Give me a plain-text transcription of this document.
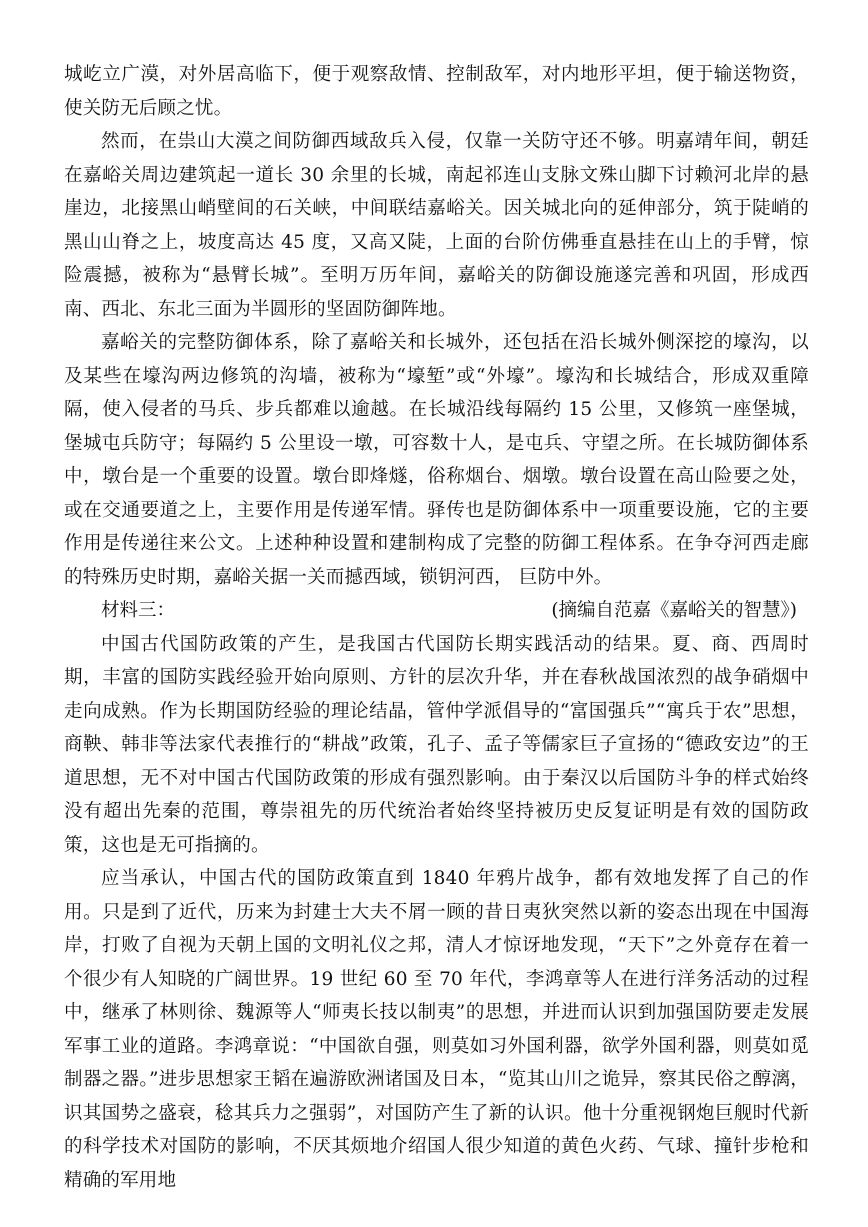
城屹立广漠，对外居高临下，便于观察敌情、控制敌军，对内地形平坦，便于输送物资，使关防无后顾之忧。

然而，在祟山大漠之间防御西域敌兵入侵，仅靠一关防守还不够。明嘉靖年间，朝廷在嘉峪关周边建筑起一道长 30 余里的长城，南起祁连山支脉文殊山脚下讨赖河北岸的悬崖边，北接黑山峭壁间的石关峡，中间联结嘉峪关。因关城北向的延伸部分，筑于陡峭的黑山山脊之上，坡度高达 45 度，又高又陡，上面的台阶仿佛垂直悬挂在山上的手臂，惊险震撼，被称为“悬臂长城”。至明万历年间，嘉峪关的防御设施遂完善和巩固，形成西南、西北、东北三面为半圆形的坚固防御阵地。

嘉峪关的完整防御体系，除了嘉峪关和长城外，还包括在沿长城外侧深挖的壕沟，以及某些在壕沟两边修筑的沟墙，被称为“壕堑”或“外壕”。壕沟和长城结合，形成双重障隔，使入侵者的马兵、步兵都难以逾越。在长城沿线每隔约 15 公里，又修筑一座堡城，堡城屯兵防守；每隔约 5 公里设一墩，可容数十人，是屯兵、守望之所。在长城防御体系中，墩台是一个重要的设置。墩台即烽燧，俗称烟台、烟墩。墩台设置在高山险要之处，或在交通要道之上，主要作用是传递军情。驿传也是防御体系中一项重要设施，它的主要作用是传递往来公文。上述种种设置和建制构成了完整的防御工程体系。在争夺河西走廊的特殊历史时期，嘉峪关据一关而撼西域，锁钥河西， 巨防中外。

材料三：	(摘编自范嘉《嘉峪关的智慧》)

中国古代国防政策的产生，是我国古代国防长期实践活动的结果。夏、商、西周时期，丰富的国防实践经验开始向原则、方针的层次升华，并在春秋战国浓烈的战争硝烟中走向成熟。作为长期国防经验的理论结晶，管仲学派倡导的“富国强兵”“寓兵于农”思想，商鞅、韩非等法家代表推行的“耕战”政策，孔子、孟子等儒家巨子宣扬的“德政安边”的王道思想，无不对中国古代国防政策的形成有强烈影响。由于秦汉以后国防斗争的样式始终没有超出先秦的范围，尊崇祖先的历代统治者始终坚持被历史反复证明是有效的国防政策，这也是无可指摘的。

应当承认，中国古代的国防政策直到 1840 年鸦片战争，都有效地发挥了自己的作用。只是到了近代，历来为封建士大夫不屑一顾的昔日夷狄突然以新的姿态出现在中国海岸，打败了自视为天朝上国的文明礼仪之邦，清人才惊讶地发现，“天下”之外竟存在着一个很少有人知晓的广阔世界。19 世纪 60 至 70 年代，李鸿章等人在进行洋务活动的过程中，继承了林则徐、魏源等人“师夷长技以制夷”的思想，并进而认识到加强国防要走发展军事工业的道路。李鸿章说：“中国欲自强，则莫如习外国利器，欲学外国利器，则莫如觅制器之器。”进步思想家王韬在遍游欧洲诸国及日本，“览其山川之诡异，察其民俗之醇漓，识其国势之盛衰，稔其兵力之强弱”，对国防产生了新的认识。他十分重视钢炮巨舰时代新的科学技术对国防的影响，不厌其烦地介绍国人很少知道的黄色火药、气球、撞针步枪和精确的军用地
